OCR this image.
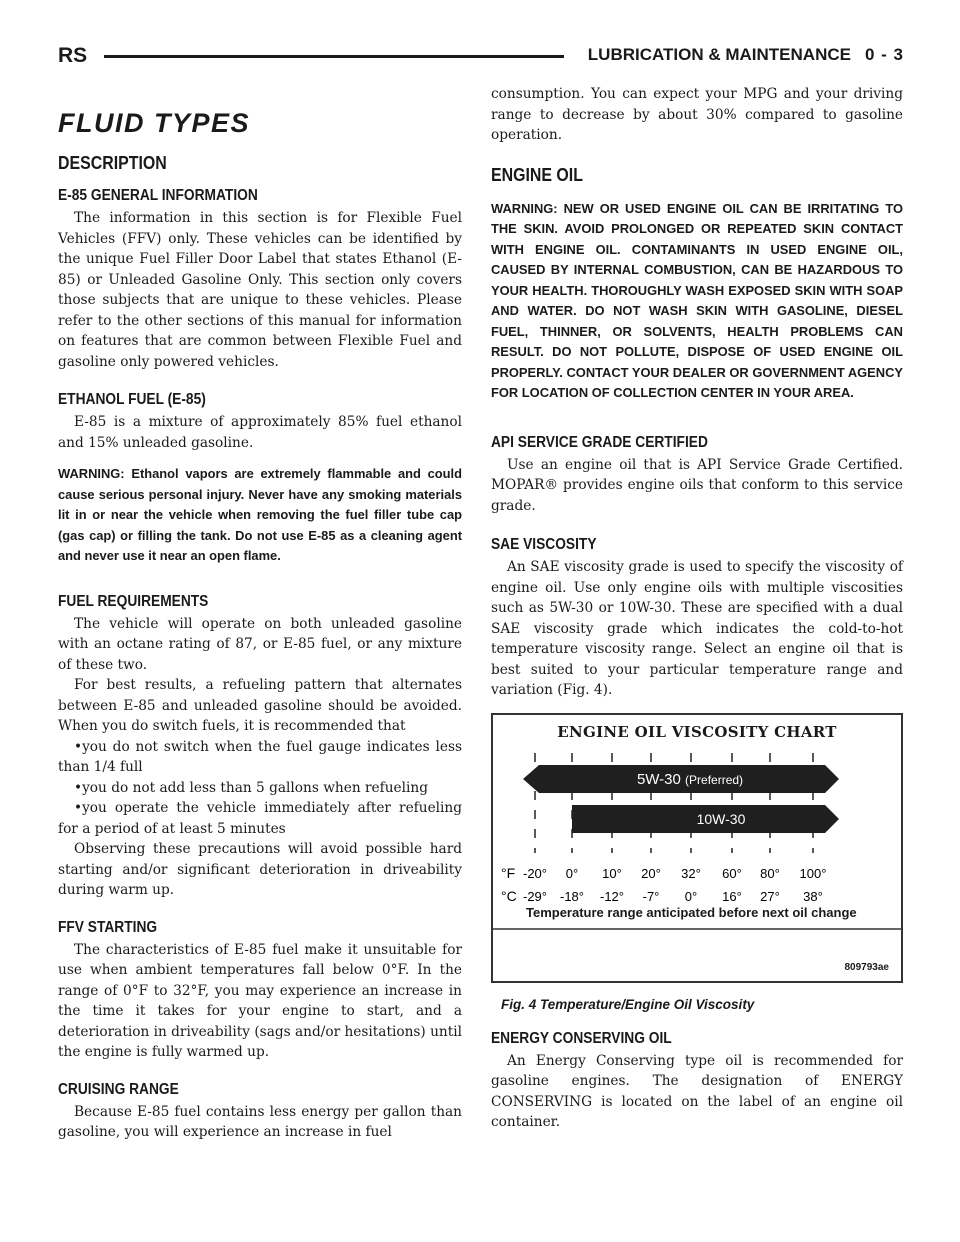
RS	LUBRICATION & MAINTENANCE 0 - 3
FLUID TYPES
DESCRIPTION
E-85 GENERAL INFORMATION

The information in this section is for Flexible Fuel Vehicles (FFV) only. These vehicles can be identified by the unique Fuel Filler Door Label that states Ethanol (E-85) or Unleaded Gasoline Only. This section only covers those subjects that are unique to these vehicles. Please refer to the other sections of this manual for information on features that are common between Flexible Fuel and gasoline only powered vehicles.

ETHANOL FUEL (E-85)

E-85 is a mixture of approximately 85% fuel ethanol and 15% unleaded gasoline.

WARNING: Ethanol vapors are extremely flammable and could cause serious personal injury. Never have any smoking materials lit in or near the vehicle when removing the fuel filler tube cap (gas cap) or filling the tank. Do not use E-85 as a cleaning agent and never use it near an open flame.

FUEL REQUIREMENTS

The vehicle will operate on both unleaded gasoline with an octane rating of 87, or E-85 fuel, or any mixture of these two.

For best results, a refueling pattern that alternates between E-85 and unleaded gasoline should be avoided. When you do switch fuels, it is recommended that

•you do not switch when the fuel gauge indicates less than 1/4 full

•you do not add less than 5 gallons when refueling

•you operate the vehicle immediately after refueling for a period of at least 5 minutes

Observing these precautions will avoid possible hard starting and/or significant deterioration in driveability during warm up.

FFV STARTING

The characteristics of E-85 fuel make it unsuitable for use when ambient temperatures fall below 0°F. In the range of 0°F to 32°F, you may experience an increase in the time it takes for your engine to start, and a deterioration in driveability (sags and/or hesitations) until the engine is fully warmed up.

CRUISING RANGE

Because E-85 fuel contains less energy per gallon than gasoline, you will experience an increase in fuel

consumption. You can expect your MPG and your driving range to decrease by about 30% compared to gasoline operation.

ENGINE OIL

WARNING: NEW OR USED ENGINE OIL CAN BE IRRITATING TO THE SKIN. AVOID PROLONGED OR REPEATED SKIN CONTACT WITH ENGINE OIL. CONTAMINANTS IN USED ENGINE OIL, CAUSED BY INTERNAL COMBUSTION, CAN BE HAZARDOUS TO YOUR HEALTH. THOROUGHLY WASH EXPOSED SKIN WITH SOAP AND WATER. DO NOT WASH SKIN WITH GASOLINE, DIESEL FUEL, THINNER, OR SOLVENTS, HEALTH PROBLEMS CAN RESULT. DO NOT POLLUTE, DISPOSE OF USED ENGINE OIL PROPERLY. CONTACT YOUR DEALER OR GOVERNMENT AGENCY FOR LOCATION OF COLLECTION CENTER IN YOUR AREA.

API SERVICE GRADE CERTIFIED

Use an engine oil that is API Service Grade Certified. MOPAR® provides engine oils that conform to this service grade.

SAE VISCOSITY

An SAE viscosity grade is used to specify the viscosity of engine oil. Use only engine oils with multiple viscosities such as 5W-30 or 10W-30. These are specified with a dual SAE viscosity grade which indicates the cold-to-hot temperature viscosity range. Select an engine oil that is best suited to your particular temperature range and variation (Fig. 4).

ENGINE OIL VISCOSITY CHART
5W-30 (Preferred)
10W-30
°F
°C
-20° 0° 10° 20° 32° 60° 80° 100°
-29° -18° -12° -7° 0° 16° 27° 38°
Temperature range anticipated before next oil change
809793ae
Fig. 4 Temperature/Engine Oil Viscosity
ENERGY CONSERVING OIL

An Energy Conserving type oil is recommended for gasoline engines. The designation of ENERGY CONSERVING is located on the label of an engine oil container.
